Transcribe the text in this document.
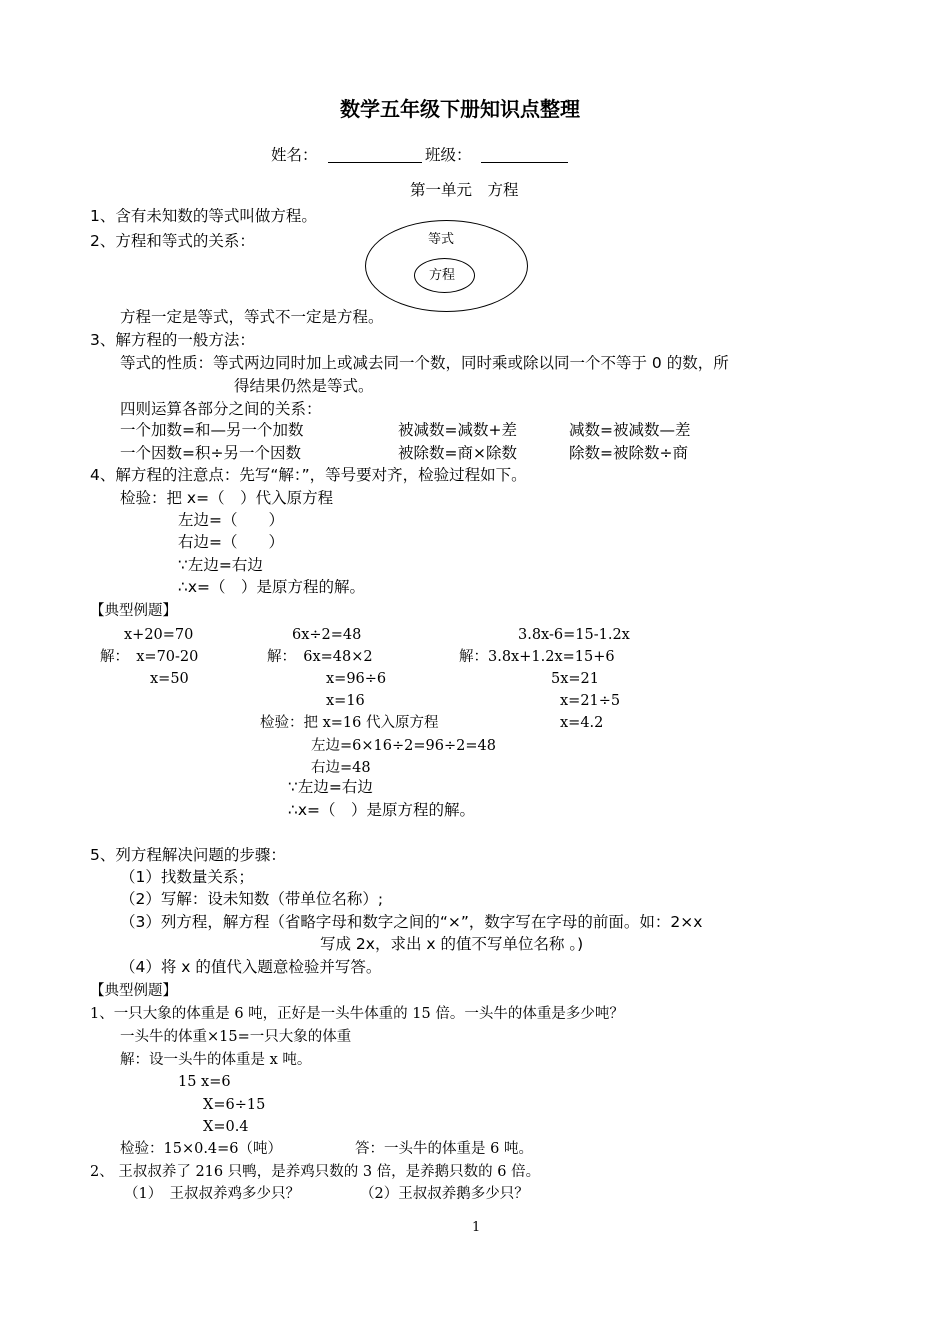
数学五年级下册知识点整理
姓名：	班级：
第一单元　方程
1、含有未知数的等式叫做方程。
2、方程和等式的关系：	等式
方程
方程一定是等式，等式不一定是方程。
3、解方程的一般方法：
等式的性质：等式两边同时加上或减去同一个数，同时乘或除以同一个不等于 0 的数，所
得结果仍然是等式。
四则运算各部分之间的关系：
一个加数=和—另一个加数	被减数=减数+差	减数=被减数—差
一个因数=积÷另一个因数	被除数=商×除数	除数=被除数÷商
4、解方程的注意点：先写“解：”，等号要对齐，检验过程如下。
检验：把 x=（　）代入原方程
左边=（　　）
右边=（　　）
∵左边=右边
∴x=（　）是原方程的解。
【典型例题】
x+20=70
解：　x=70-20
x=50
6x÷2=48
解：　6x=48×2
x=96÷6
x=16
检验：把 x=16 代入原方程
左边=6×16÷2=96÷2=48
右边=48
∵左边=右边
∴x=（　）是原方程的解。
3.8x-6=15-1.2x
解：3.8x+1.2x=15+6
5x=21
x=21÷5
x=4.2
5、列方程解决问题的步骤：
（1）找数量关系；
（2）写解：设未知数（带单位名称）;
（3）列方程，解方程（省略字母和数字之间的“×”，数字写在字母的前面。如：2×x
写成 2x，求出 x 的值不写单位名称 。)
（4）将 x 的值代入题意检验并写答。
【典型例题】
1、一只大象的体重是 6 吨，正好是一头牛体重的 15 倍。一头牛的体重是多少吨？
一头牛的体重×15=一只大象的体重
解：设一头牛的体重是 x 吨。
15 x=6
X=6÷15
X=0.4
检验：15×0.4=6（吨）	答：一头牛的体重是 6 吨。
2、 王叔叔养了 216 只鸭，是养鸡只数的 3 倍，是养鹅只数的 6 倍。
（1）　王叔叔养鸡多少只？	（2）王叔叔养鹅多少只？
1
